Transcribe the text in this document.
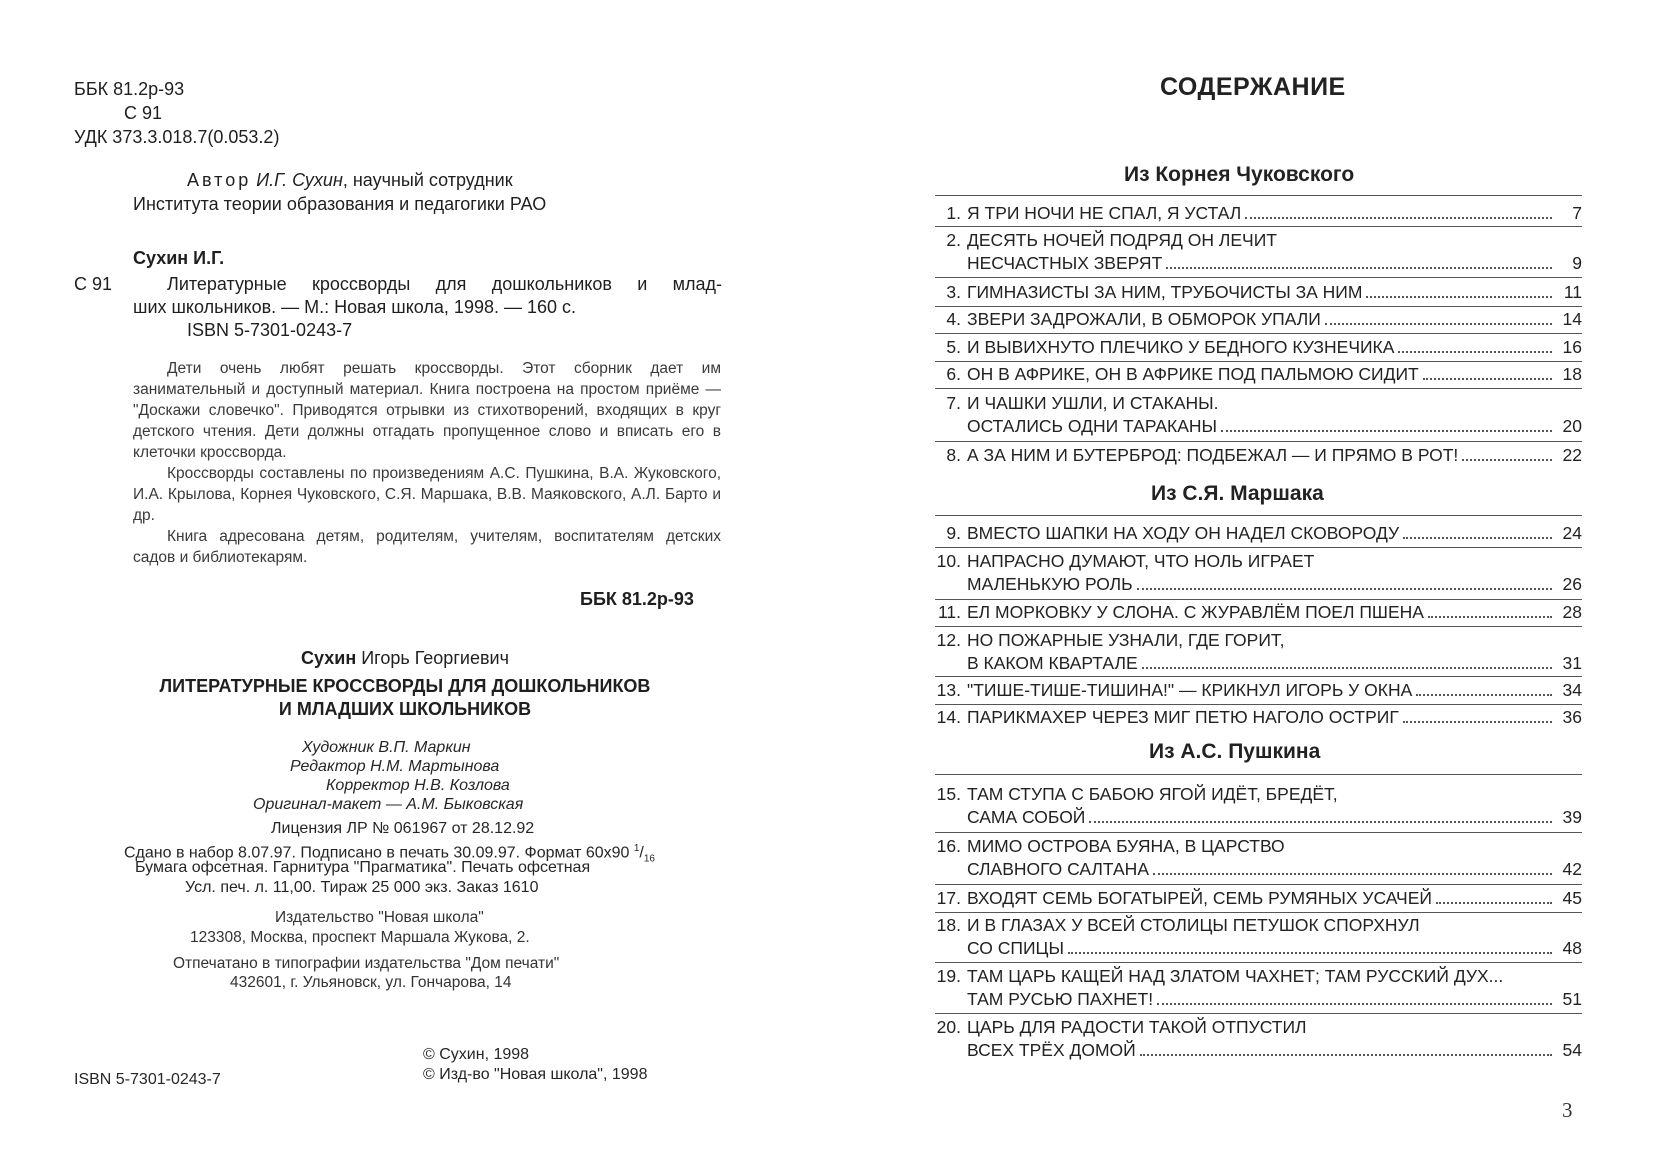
ББК 81.2р-93
С 91
УДК 373.3.018.7(0.053.2)
Автор И.Г. Сухин, научный сотрудник
Института теории образования и педагогики РАО
Сухин И.Г.
С 91	Литературные кроссворды для дошкольников и млад-
ших школьников. — М.: Новая школа, 1998. — 160 с.
ISBN 5-7301-0243-7

Дети очень любят решать кроссворды. Этот сборник дает им занимательный и доступный материал. Книга построена на простом приёме — "Доскажи словечко". Приводятся отрывки из стихотворений, входящих в круг детского чтения. Дети должны отгадать пропущенное слово и вписать его в клеточки кроссворда.

Кроссворды составлены по произведениям А.С. Пушкина, В.А. Жуковского, И.А. Крылова, Корнея Чуковского, С.Я. Маршака, В.В. Маяковского, А.Л. Барто и др.

Книга адресована детям, родителям, учителям, воспитателям детских садов и библиотекарям.

ББК 81.2р-93
Сухин Игорь Георгиевич
ЛИТЕРАТУРНЫЕ КРОССВОРДЫ ДЛЯ ДОШКОЛЬНИКОВ
И МЛАДШИХ ШКОЛЬНИКОВ
Художник В.П. Маркин
Редактор Н.М. Мартынова
Корректор Н.В. Козлова
Оригинал-макет — А.М. Быковская
Лицензия ЛР № 061967 от 28.12.92
Сдано в набор 8.07.97. Подписано в печать 30.09.97. Формат 60х90 $^1/_{16}$
Бумага офсетная. Гарнитура "Прагматика". Печать офсетная
Усл. печ. л. 11,00. Тираж 25 000 экз. Заказ 1610
Издательство "Новая школа"
123308, Москва, проспект Маршала Жукова, 2.
Отпечатано в типографии издательства "Дом печати"
432601, г. Ульяновск, ул. Гончарова, 14
© Сухин, 1998
© Изд-во "Новая школа", 1998
ISBN 5-7301-0243-7
СОДЕРЖАНИЕ
Из Корнея Чуковского
1. Я ТРИ НОЧИ НЕ СПАЛ, Я УСТАЛ	7
2. ДЕСЯТЬ НОЧЕЙ ПОДРЯД ОН ЛЕЧИТ
НЕСЧАСТНЫХ ЗВЕРЯТ	9
3. ГИМНАЗИСТЫ ЗА НИМ, ТРУБОЧИСТЫ ЗА НИМ	11
4. ЗВЕРИ ЗАДРОЖАЛИ, В ОБМОРОК УПАЛИ	14
5. И ВЫВИХНУТО ПЛЕЧИКО У БЕДНОГО КУЗНЕЧИКА	16
6. ОН В АФРИКЕ, ОН В АФРИКЕ ПОД ПАЛЬМОЮ СИДИТ	18
7. И ЧАШКИ УШЛИ, И СТАКАНЫ.
ОСТАЛИСЬ ОДНИ ТАРАКАНЫ	20
8. А ЗА НИМ И БУТЕРБРОД: ПОДБЕЖАЛ — И ПРЯМО В РОТ!	22
Из С.Я. Маршака
9. ВМЕСТО ШАПКИ НА ХОДУ ОН НАДЕЛ СКОВОРОДУ	24
10. НАПРАСНО ДУМАЮТ, ЧТО НОЛЬ ИГРАЕТ
МАЛЕНЬКУЮ РОЛЬ	26
11. ЕЛ МОРКОВКУ У СЛОНА. С ЖУРАВЛЁМ ПОЕЛ ПШЕНА	28
12. НО ПОЖАРНЫЕ УЗНАЛИ, ГДЕ ГОРИТ,
В КАКОМ КВАРТАЛЕ	31
13. "ТИШЕ-ТИШЕ-ТИШИНА!" — КРИКНУЛ ИГОРЬ У ОКНА	34
14. ПАРИКМАХЕР ЧЕРЕЗ МИГ ПЕТЮ НАГОЛО ОСТРИГ	36
Из А.С. Пушкина
15. ТАМ СТУПА С БАБОЮ ЯГОЙ ИДЁТ, БРЕДЁТ,
САМА СОБОЙ	39
16. МИМО ОСТРОВА БУЯНА, В ЦАРСТВО
СЛАВНОГО САЛТАНА	42
17. ВХОДЯТ СЕМЬ БОГАТЫРЕЙ, СЕМЬ РУМЯНЫХ УСАЧЕЙ	45
18. И В ГЛАЗАХ У ВСЕЙ СТОЛИЦЫ ПЕТУШОК СПОРХНУЛ
СО СПИЦЫ	48
19. ТАМ ЦАРЬ КАЩЕЙ НАД ЗЛАТОМ ЧАХНЕТ; ТАМ РУССКИЙ ДУХ...
ТАМ РУСЬЮ ПАХНЕТ!	51
20. ЦАРЬ ДЛЯ РАДОСТИ ТАКОЙ ОТПУСТИЛ
ВСЕХ ТРЁХ ДОМОЙ	54
3
